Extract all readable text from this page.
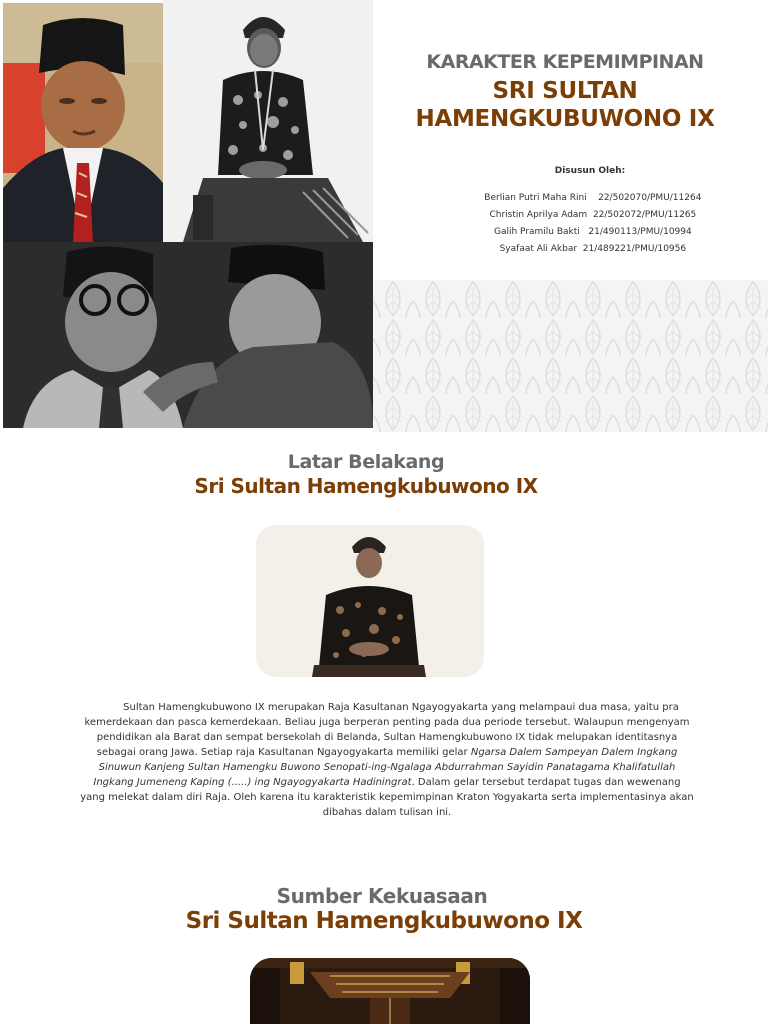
KARAKTER KEPEMIMPINAN
SRI SULTAN
HAMENGKUBUWONO IX
Disusun Oleh:

Berlian Putri Maha Rini 22/502070/PMU/11264

Christin Aprilya Adam 22/502072/PMU/11265

Galih Pramilu Bakti 21/490113/PMU/10994

Syafaat Ali Akbar 21/489221/PMU/10956

Latar Belakang
Sri Sultan Hamengkubuwono IX
Sultan Hamengkubuwono IX merupakan Raja Kasultanan Ngayogyakarta yang melampaui dua masa, yaitu pra kemerdekaan dan pasca kemerdekaan. Beliau juga berperan penting pada dua periode tersebut. Walaupun mengenyam pendidikan ala Barat dan sempat bersekolah di Belanda, Sultan Hamengkubuwono IX tidak melupakan identitasnya sebagai orang Jawa. Setiap raja Kasultanan Ngayogyakarta memiliki gelar Ngarsa Dalem Sampeyan Dalem Ingkang Sinuwun Kanjeng Sultan Hamengku Buwono Senopati-ing-Ngalaga Abdurrahman Sayidin Panatagama Khalifatullah Ingkang Jumeneng Kaping (.....) ing Ngayogyakarta Hadiningrat. Dalam gelar tersebut terdapat tugas dan wewenang yang melekat dalam diri Raja. Oleh karena itu karakteristik kepemimpinan Kraton Yogyakarta serta implementasinya akan dibahas dalam tulisan ini.
Sumber Kekuasaan
Sri Sultan Hamengkubuwono IX
